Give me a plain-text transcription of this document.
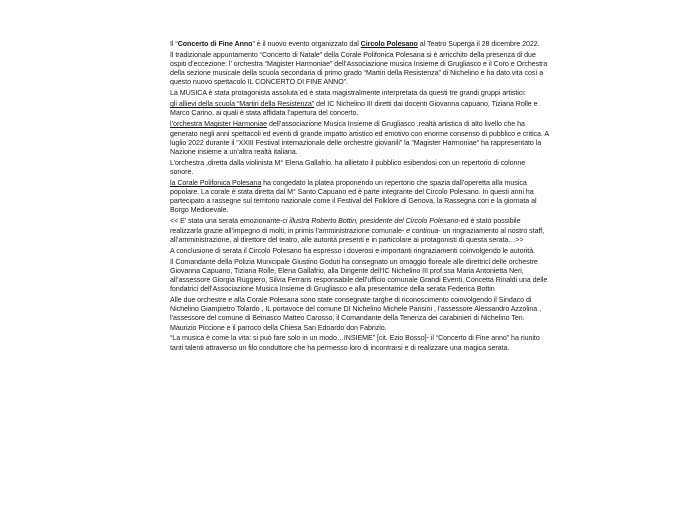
Il “Concerto di Fine Anno” è il nuovo evento organizzato dal Circolo Polesano al Teatro Superga il 28 dicembre 2022.

Il tradizionale appuntamento “Concerto di Natale” della Corale Polifonica Polesana si è arricchito della presenza di due ospiti d’eccezione: l’ orchestra “Magister Harmoniae” dell’Associazione musica Insieme di Grugliasco e il Coro e Orchestra della sezione musicale della scuola secondaria di primo grado “Martiri della Resistenza” di Nichelino e ha dato vita così a questo nuovo spettacolo IL CONCERTO DI FINE ANNO”.

La MUSICA è stata protagonista assoluta ed è stata magistralmente interpretata da questi tre grandi gruppi artistici:

gli allievi della scuola “Martiri della Resistenza” del IC Nichelino III diretti dai docenti Giovanna capuano, Tiziana Rolle e Marco Carino, ai quali è stata affidata l’apertura del concerto.

l’orchestra Magister Harmoniae dell’associazione Musica Insieme di Grugliasco ,realtà artistica di alto livello che ha generato negli anni spettacoli ed eventi di grande impatto artistico ed emotivo con enorme consenso di pubblico e critica. A luglio 2022 durante il “XXIII Festival internazionale delle orchestre giovanili” la “Magister Harmoniae” ha rappresentato la Nazione insieme a un’altra realtà italiana.

L’orchestra ,diretta dalla violinista M° Elena Gallafrio. ha allietato il pubblico esibendosi con un repertorio di colonne sonore.

la Corale Polifonica Polesana ha congedato la platea proponendo un repertorio che spazia dall’operetta alla musica popolare. La corale è stata diretta dal M° Santo Capuano ed è parte integrante del Circolo Polesano. In questi anni ha partecipato a rassegne sul territorio nazionale come il Festival del Folklore di Genova, la Rassegna cori e la giornata al Borgo Medioevale.

<< E’ stata una serata emozionante-ci illustra Roberto Bottin, presidente del Circolo Polesano-ed è stato possibile realizzarla grazie all’impegno di molti, in primis l’amministrazione comunale- e continua- un ringraziamento al nostro staff, all’amministrazione, al direttore del teatro, alle autorità presenti e in particolare ai protagonisti di questa serata…>>

A conclusione di serata il Circolo Polesano ha espresso i doverosi e importanti ringraziamenti coinvolgendo le autorità.

Il Comandante della Polizia Municipale Giustino Goduti ha consegnato un omaggio floreale alle direttrici delle orchestre Giovanna Capuano, Tiziana Rolle, Elena Gallafrio, alla Dirigente dell’IC Nichelino III prof.ssa Maria Antonietta Neri, all’assessore Giorgia Ruggiero, Silvia Ferraris responsabile dell’ufficio comunale Grandi Eventi, Concetta Rinaldi una delle fondatrici dell’Associazione Musica Insieme di Grugliasco e alla presentatrice della serata Federica Bottin

Alle due orchestre e alla Corale Polesana sono state consegnate targhe di riconoscimento coinvolgendo il Sindaco di Nichelino Giampietro Tolardo , IL portavoce del comune DI Nichelino Michele Pansini , l’assessore Alessandro Azzolina , l’assessore del comune di Beinasco Matteo Carosso, il Comandante della Tenenza dei carabinieri di Nichelino Ten. Maurizio Piccione e il parroco della Chiesa San Edoardo don Fabrizio.

“La musica è come la vita: si può fare solo in un modo…INSIEME” [cit. Ezio Bosso]- il “Concerto di Fine anno” ha riunito tanti talenti attraverso un filo conduttore che ha permesso loro di incontrarsi e di realizzare una magica serata.
